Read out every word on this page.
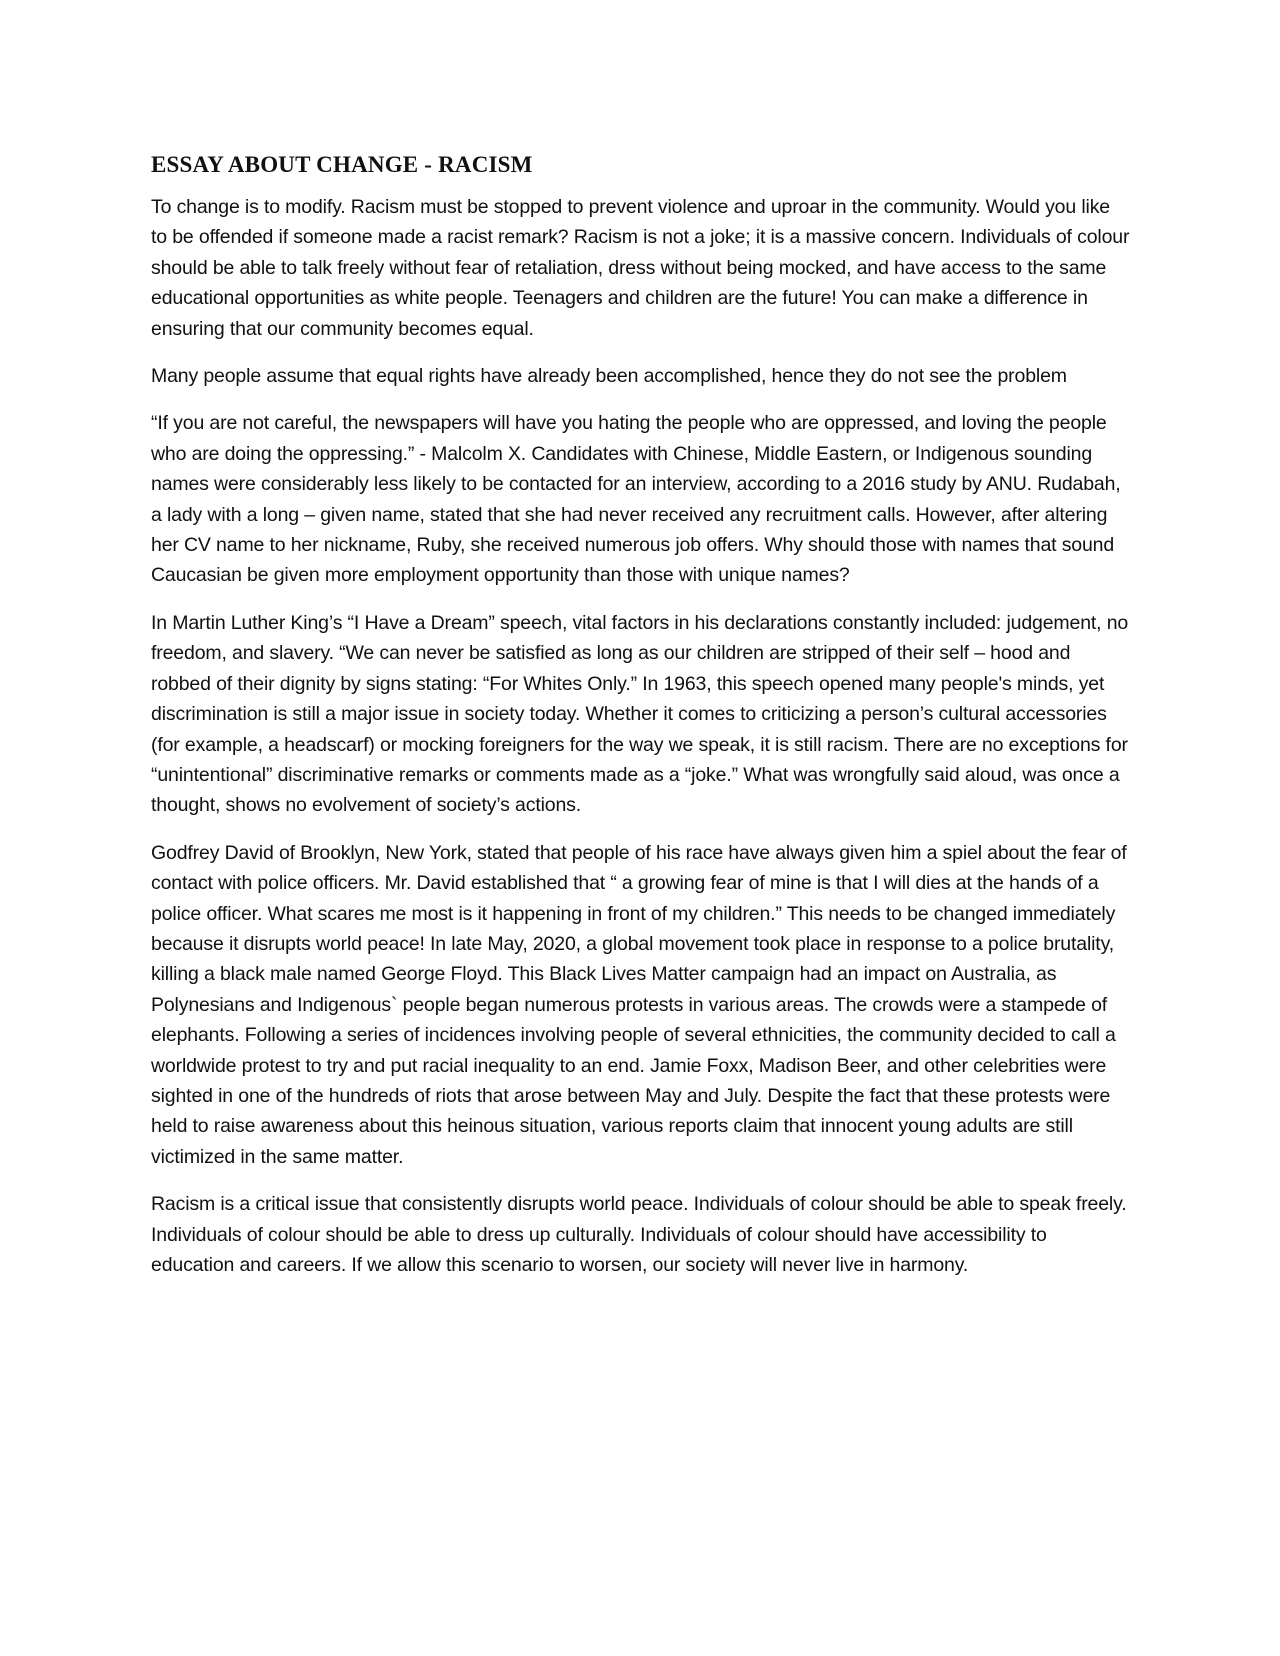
ESSAY ABOUT CHANGE - RACISM

To change is to modify. Racism must be stopped to prevent violence and uproar in the community. Would you like to be offended if someone made a racist remark? Racism is not a joke; it is a massive concern. Individuals of colour should be able to talk freely without fear of retaliation, dress without being mocked, and have access to the same educational opportunities as white people. Teenagers and children are the future! You can make a difference in ensuring that our community becomes equal.

Many people assume that equal rights have already been accomplished, hence they do not see the problem

“If you are not careful, the newspapers will have you hating the people who are oppressed, and loving the people who are doing the oppressing.” - Malcolm X. Candidates with Chinese, Middle Eastern, or Indigenous sounding names were considerably less likely to be contacted for an interview, according to a 2016 study by ANU. Rudabah, a lady with a long – given name, stated that she had never received any recruitment calls. However, after altering her CV name to her nickname, Ruby, she received numerous job offers. Why should those with names that sound Caucasian be given more employment opportunity than those with unique names?

In Martin Luther King’s “I Have a Dream” speech, vital factors in his declarations constantly included: judgement, no freedom, and slavery. “We can never be satisfied as long as our children are stripped of their self – hood and robbed of their dignity by signs stating: “For Whites Only.” In 1963, this speech opened many people's minds, yet discrimination is still a major issue in society today. Whether it comes to criticizing a person’s cultural accessories (for example, a headscarf) or mocking foreigners for the way we speak, it is still racism. There are no exceptions for “unintentional” discriminative remarks or comments made as a “joke.” What was wrongfully said aloud, was once a thought, shows no evolvement of society’s actions.

Godfrey David of Brooklyn, New York, stated that people of his race have always given him a spiel about the fear of contact with police officers. Mr. David established that “ a growing fear of mine is that I will dies at the hands of a police officer. What scares me most is it happening in front of my children.” This needs to be changed immediately because it disrupts world peace! In late May, 2020, a global movement took place in response to a police brutality, killing a black male named George Floyd. This Black Lives Matter campaign had an impact on Australia, as Polynesians and Indigenous` people began numerous protests in various areas. The crowds were a stampede of elephants. Following a series of incidences involving people of several ethnicities, the community decided to call a worldwide protest to try and put racial inequality to an end. Jamie Foxx, Madison Beer, and other celebrities were sighted in one of the hundreds of riots that arose between May and July. Despite the fact that these protests were held to raise awareness about this heinous situation, various reports claim that innocent young adults are still victimized in the same matter.

Racism is a critical issue that consistently disrupts world peace. Individuals of colour should be able to speak freely. Individuals of colour should be able to dress up culturally. Individuals of colour should have accessibility to education and careers. If we allow this scenario to worsen, our society will never live in harmony.
